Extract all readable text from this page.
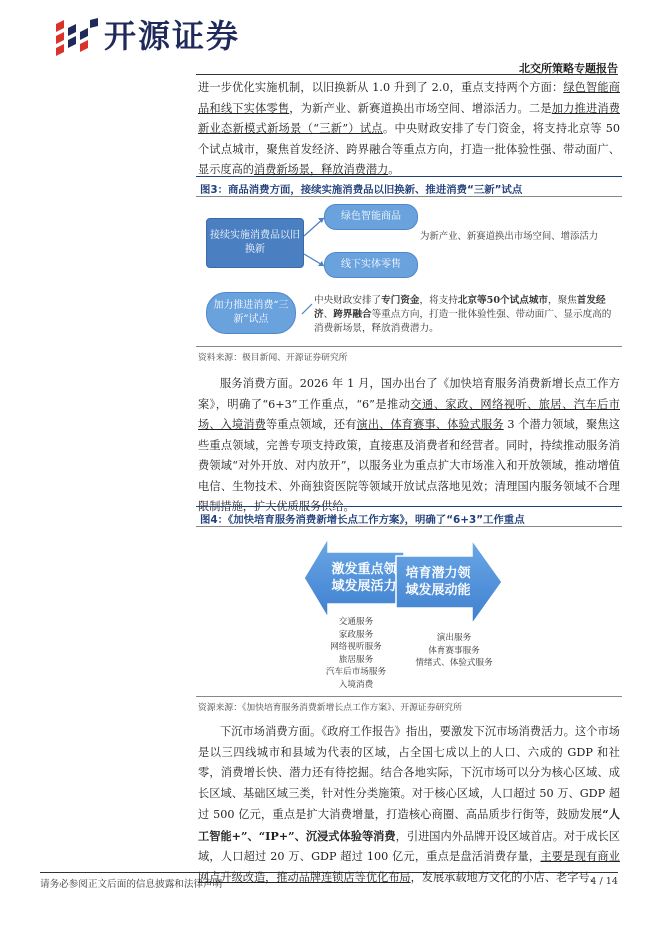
开源证券
北交所策略专题报告

进一步优化实施机制，以旧换新从 1.0 升到了 2.0，重点支持两个方面：绿色智能商品和线下实体零售，为新产业、新赛道换出市场空间、增添活力。二是加力推进消费新业态新模式新场景（“三新”）试点。中央财政安排了专门资金，将支持北京等 50 个试点城市，聚焦首发经济、跨界融合等重点方向，打造一批体验性强、带动面广、显示度高的消费新场景，释放消费潜力。

图3：商品消费方面，接续实施消费品以旧换新、推进消费“三新”试点
接续实施消费品以旧换新
绿色智能商品
线下实体零售
为新产业、新赛道换出市场空间、增添活力
加力推进消费“三新”试点
中央财政安排了专门资金，将支持北京等50个试点城市，聚焦首发经济、跨界融合等重点方向，打造一批体验性强、带动面广、显示度高的消费新场景，释放消费潜力。
资料来源：极目新闻、开源证券研究所

服务消费方面。2026 年 1 月，国办出台了《加快培育服务消费新增长点工作方案》，明确了“6+3”工作重点，“6”是推动交通、家政、网络视听、旅居、汽车后市场、入境消费等重点领域，还有演出、体育赛事、体验式服务 3 个潜力领域，聚焦这些重点领域，完善专项支持政策，直接惠及消费者和经营者。同时，持续推动服务消费领域“对外开放、对内放开”，以服务业为重点扩大市场准入和开放领域，推动增值电信、生物技术、外商独资医院等领域开放试点落地见效；清理国内服务领域不合理限制措施，扩大优质服务供给。

图4：《加快培育服务消费新增长点工作方案》，明确了“6+3”工作重点
激发重点领域发展活力
培育潜力领域发展动能
交通服务
家政服务
网络视听服务
旅居服务
汽车后市场服务
入境消费
演出服务
体育赛事服务
情绪式、体验式服务
资源来源：《加快培育服务消费新增长点工作方案》、开源证券研究所

下沉市场消费方面。《政府工作报告》指出，要激发下沉市场消费活力。这个市场是以三四线城市和县域为代表的区域，占全国七成以上的人口、六成的 GDP 和社零，消费增长快、潜力还有待挖掘。结合各地实际，下沉市场可以分为核心区域、成长区域、基础区域三类，针对性分类施策。对于核心区域，人口超过 50 万、GDP 超过 500 亿元，重点是扩大消费增量，打造核心商圈、高品质步行街等，鼓励发展“人工智能+”、“IP+”、沉浸式体验等消费，引进国内外品牌开设区域首店。对于成长区域，人口超过 20 万、GDP 超过 100 亿元，重点是盘活消费存量，主要是现有商业网点升级改造，推动品牌连锁店等优化布局，发展承载地方文化的小店、老字号、

请务必参阅正文后面的信息披露和法律声明	4 / 14
